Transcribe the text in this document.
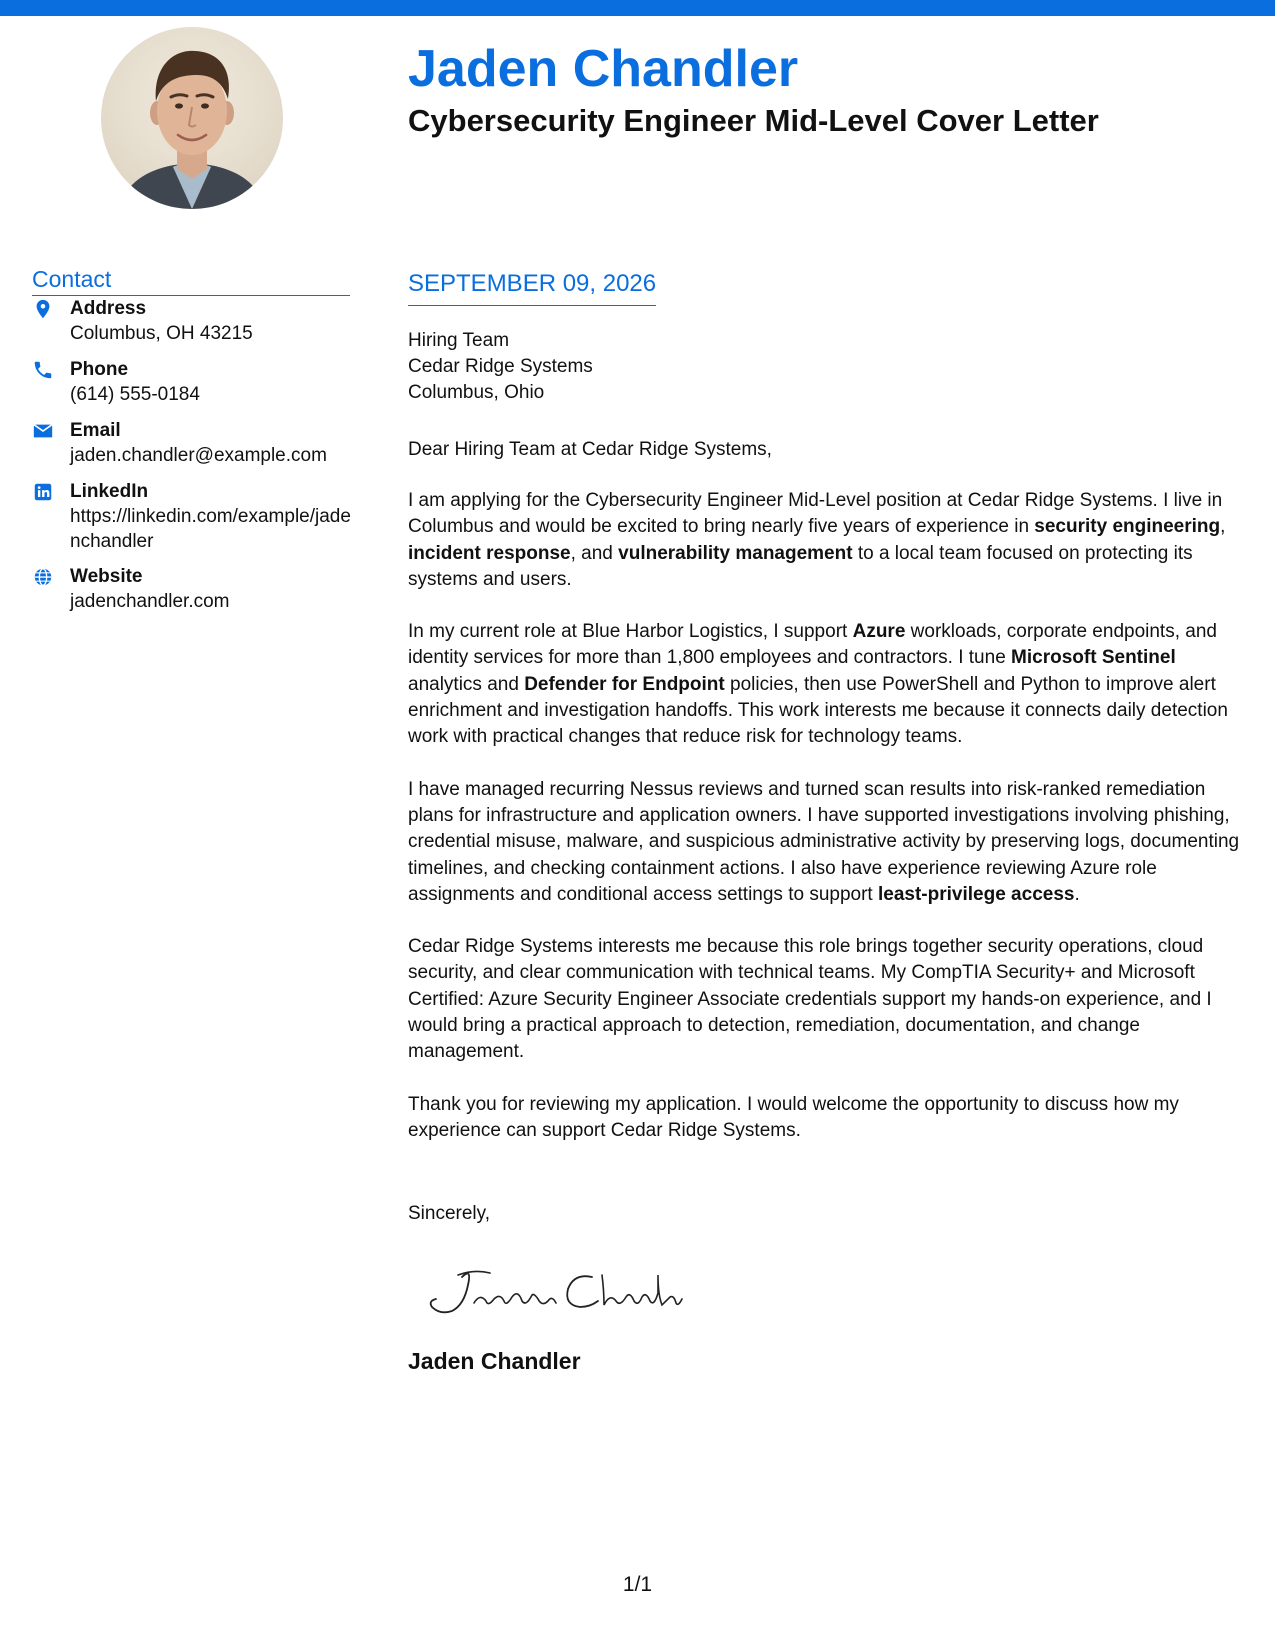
Jaden Chandler
Cybersecurity Engineer Mid-Level Cover Letter
Contact
Address
Columbus, OH 43215
Phone
(614) 555-0184
Email
jaden.chandler@example.com
LinkedIn
https://linkedin.com/example/jadenchandler
Website
jadenchandler.com
SEPTEMBER 09, 2026
Hiring Team
Cedar Ridge Systems
Columbus, Ohio
Dear Hiring Team at Cedar Ridge Systems,

I am applying for the Cybersecurity Engineer Mid-Level position at Cedar Ridge Systems. I live in Columbus and would be excited to bring nearly five years of experience in security engineering, incident response, and vulnerability management to a local team focused on protecting its systems and users.

In my current role at Blue Harbor Logistics, I support Azure workloads, corporate endpoints, and identity services for more than 1,800 employees and contractors. I tune Microsoft Sentinel analytics and Defender for Endpoint policies, then use PowerShell and Python to improve alert enrichment and investigation handoffs. This work interests me because it connects daily detection work with practical changes that reduce risk for technology teams.

I have managed recurring Nessus reviews and turned scan results into risk-ranked remediation plans for infrastructure and application owners. I have supported investigations involving phishing, credential misuse, malware, and suspicious administrative activity by preserving logs, documenting timelines, and checking containment actions. I also have experience reviewing Azure role assignments and conditional access settings to support least-privilege access.

Cedar Ridge Systems interests me because this role brings together security operations, cloud security, and clear communication with technical teams. My CompTIA Security+ and Microsoft Certified: Azure Security Engineer Associate credentials support my hands-on experience, and I would bring a practical approach to detection, remediation, documentation, and change management.

Thank you for reviewing my application. I would welcome the opportunity to discuss how my experience can support Cedar Ridge Systems.

Sincerely,
Jaden Chandler
1/1
